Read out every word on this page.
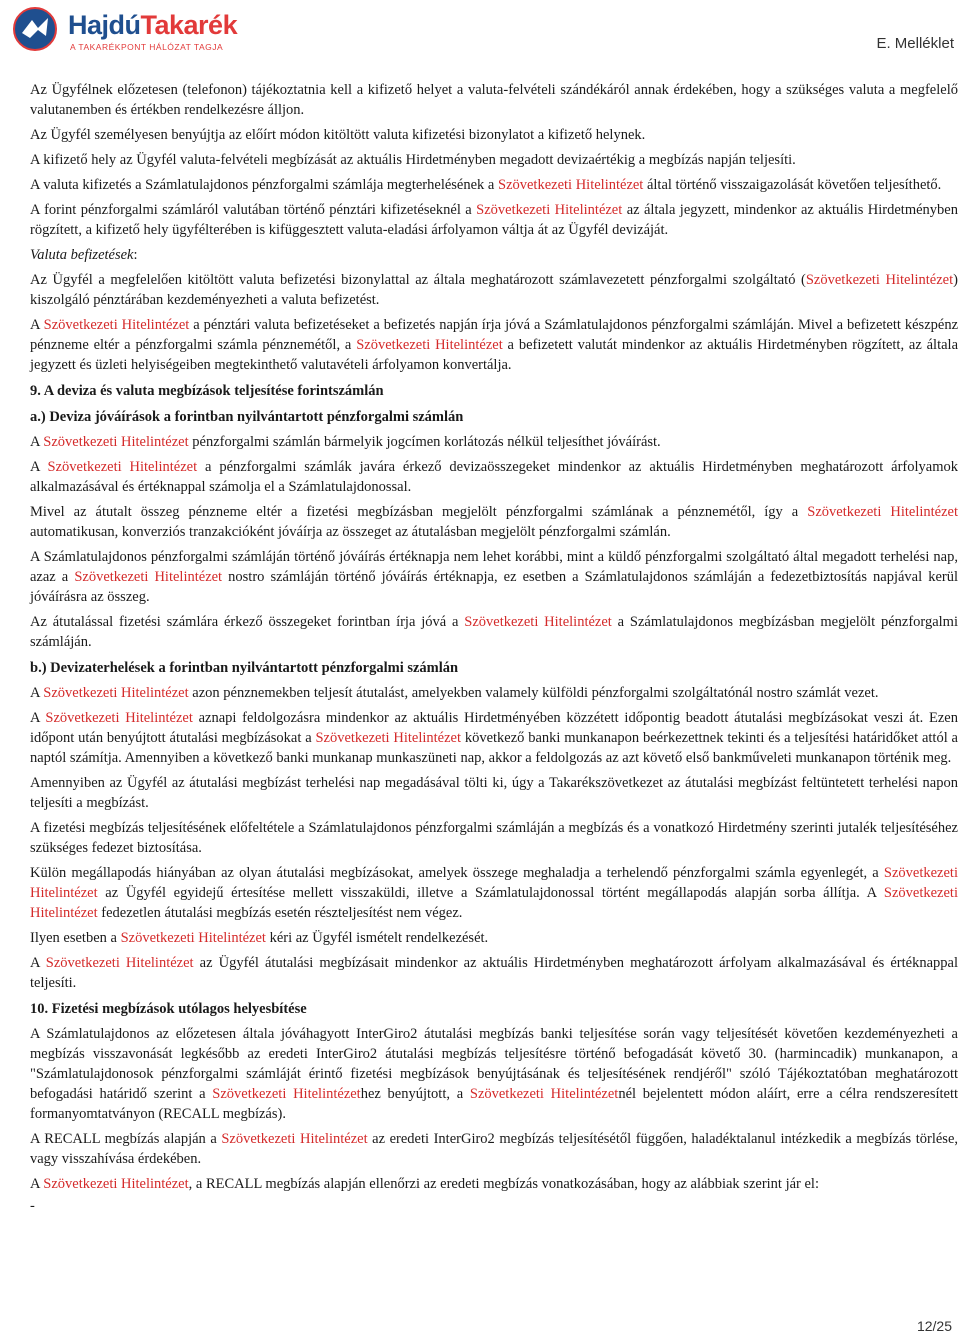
HajdúTakarék
A TAKARÉKPONT HÁLÓZAT TAGJA	E. Melléklet

Az Ügyfélnek előzetesen (telefonon) tájékoztatnia kell a kifizető helyet a valuta-felvételi szándékáról annak érdekében, hogy a szükséges valuta a megfelelő valutanemben és értékben rendelkezésre álljon.

Az Ügyfél személyesen benyújtja az előírt módon kitöltött valuta kifizetési bizonylatot a kifizető helynek.

A kifizető hely az Ügyfél valuta-felvételi megbízását az aktuális Hirdetményben megadott devizaértékig a megbízás napján teljesíti.

A valuta kifizetés a Számlatulajdonos pénzforgalmi számlája megterhelésének a Szövetkezeti Hitelintézet által történő visszaigazolását követően teljesíthető.

A forint pénzforgalmi számláról valutában történő pénztári kifizetéseknél a Szövetkezeti Hitelintézet az általa jegyzett, mindenkor az aktuális Hirdetményben rögzített, a kifizető hely ügyfélterében is kifüggesztett valuta-eladási árfolyamon váltja át az Ügyfél devizáját.

Valuta befizetések:

Az Ügyfél a megfelelően kitöltött valuta befizetési bizonylattal az általa meghatározott számlavezetett pénzforgalmi szolgáltató (Szövetkezeti Hitelintézet) kiszolgáló pénztárában kezdeményezheti a valuta befizetést.

A Szövetkezeti Hitelintézet a pénztári valuta befizetéseket a befizetés napján írja jóvá a Számlatulajdonos pénzforgalmi számláján. Mivel a befizetett készpénz pénzneme eltér a pénzforgalmi számla pénznemétől, a Szövetkezeti Hitelintézet a befizetett valutát mindenkor az aktuális Hirdetményben rögzített, az általa jegyzett és üzleti helyiségeiben megtekinthető valutavételi árfolyamon konvertálja.

9. A deviza és valuta megbízások teljesítése forintszámlán
a.) Deviza jóváírások a forintban nyilvántartott pénzforgalmi számlán

A Szövetkezeti Hitelintézet pénzforgalmi számlán bármelyik jogcímen korlátozás nélkül teljesíthet jóváírást.

A Szövetkezeti Hitelintézet a pénzforgalmi számlák javára érkező devizaösszegeket mindenkor az aktuális Hirdetményben meghatározott árfolyamok alkalmazásával és értéknappal számolja el a Számlatulajdonossal.

Mivel az átutalt összeg pénzneme eltér a fizetési megbízásban megjelölt pénzforgalmi számlának a pénznemétől, így a Szövetkezeti Hitelintézet automatikusan, konverziós tranzakcióként jóváírja az összeget az átutalásban megjelölt pénzforgalmi számlán.

A Számlatulajdonos pénzforgalmi számláján történő jóváírás értéknapja nem lehet korábbi, mint a küldő pénzforgalmi szolgáltató által megadott terhelési nap, azaz a Szövetkezeti Hitelintézet nostro számláján történő jóváírás értéknapja, ez esetben a Számlatulajdonos számláján a fedezetbiztosítás napjával kerül jóváírásra az összeg.

Az átutalással fizetési számlára érkező összegeket forintban írja jóvá a Szövetkezeti Hitelintézet a Számlatulajdonos megbízásban megjelölt pénzforgalmi számláján.

b.) Devizaterhelések a forintban nyilvántartott pénzforgalmi számlán

A Szövetkezeti Hitelintézet azon pénznemekben teljesít átutalást, amelyekben valamely külföldi pénzforgalmi szolgáltatónál nostro számlát vezet.

A Szövetkezeti Hitelintézet aznapi feldolgozásra mindenkor az aktuális Hirdetményében közzétett időpontig beadott átutalási megbízásokat veszi át. Ezen időpont után benyújtott átutalási megbízásokat a Szövetkezeti Hitelintézet következő banki munkanapon beérkezettnek tekinti és a teljesítési határidőket attól a naptól számítja. Amennyiben a következő banki munkanap munkaszüneti nap, akkor a feldolgozás az azt követő első bankműveleti munkanapon történik meg.

Amennyiben az Ügyfél az átutalási megbízást terhelési nap megadásával tölti ki, úgy a Takarékszövetkezet az átutalási megbízást feltüntetett terhelési napon teljesíti a megbízást.

A fizetési megbízás teljesítésének előfeltétele a Számlatulajdonos pénzforgalmi számláján a megbízás és a vonatkozó Hirdetmény szerinti jutalék teljesítéséhez szükséges fedezet biztosítása.

Külön megállapodás hiányában az olyan átutalási megbízásokat, amelyek összege meghaladja a terhelendő pénzforgalmi számla egyenlegét, a Szövetkezeti Hitelintézet az Ügyfél egyidejű értesítése mellett visszaküldi, illetve a Számlatulajdonossal történt megállapodás alapján sorba állítja. A Szövetkezeti Hitelintézet fedezetlen átutalási megbízás esetén részteljesítést nem végez.

Ilyen esetben a Szövetkezeti Hitelintézet kéri az Ügyfél ismételt rendelkezését.

A Szövetkezeti Hitelintézet az Ügyfél átutalási megbízásait mindenkor az aktuális Hirdetményben meghatározott árfolyam alkalmazásával és értéknappal teljesíti.

10. Fizetési megbízások utólagos helyesbítése

A Számlatulajdonos az előzetesen általa jóváhagyott InterGiro2 átutalási megbízás banki teljesítése során vagy teljesítését követően kezdeményezheti a megbízás visszavonását legkésőbb az eredeti InterGiro2 átutalási megbízás teljesítésre történő befogadását követő 30. (harmincadik) munkanapon, a "Számlatulajdonosok pénzforgalmi számláját érintő fizetési megbízások benyújtásának és teljesítésének rendjéről" szóló Tájékoztatóban meghatározott befogadási határidő szerint a Szövetkezeti Hitelintézethez benyújtott, a Szövetkezeti Hitelintézetnél bejelentett módon aláírt, erre a célra rendszeresített formanyomtatványon (RECALL megbízás).

A RECALL megbízás alapján a Szövetkezeti Hitelintézet az eredeti InterGiro2 megbízás teljesítésétől függően, haladéktalanul intézkedik a megbízás törlése, vagy visszahívása érdekében.

A Szövetkezeti Hitelintézet, a RECALL megbízás alapján ellenőrzi az eredeti megbízás vonatkozásában, hogy az alábbiak szerint jár el:

-

12/25
